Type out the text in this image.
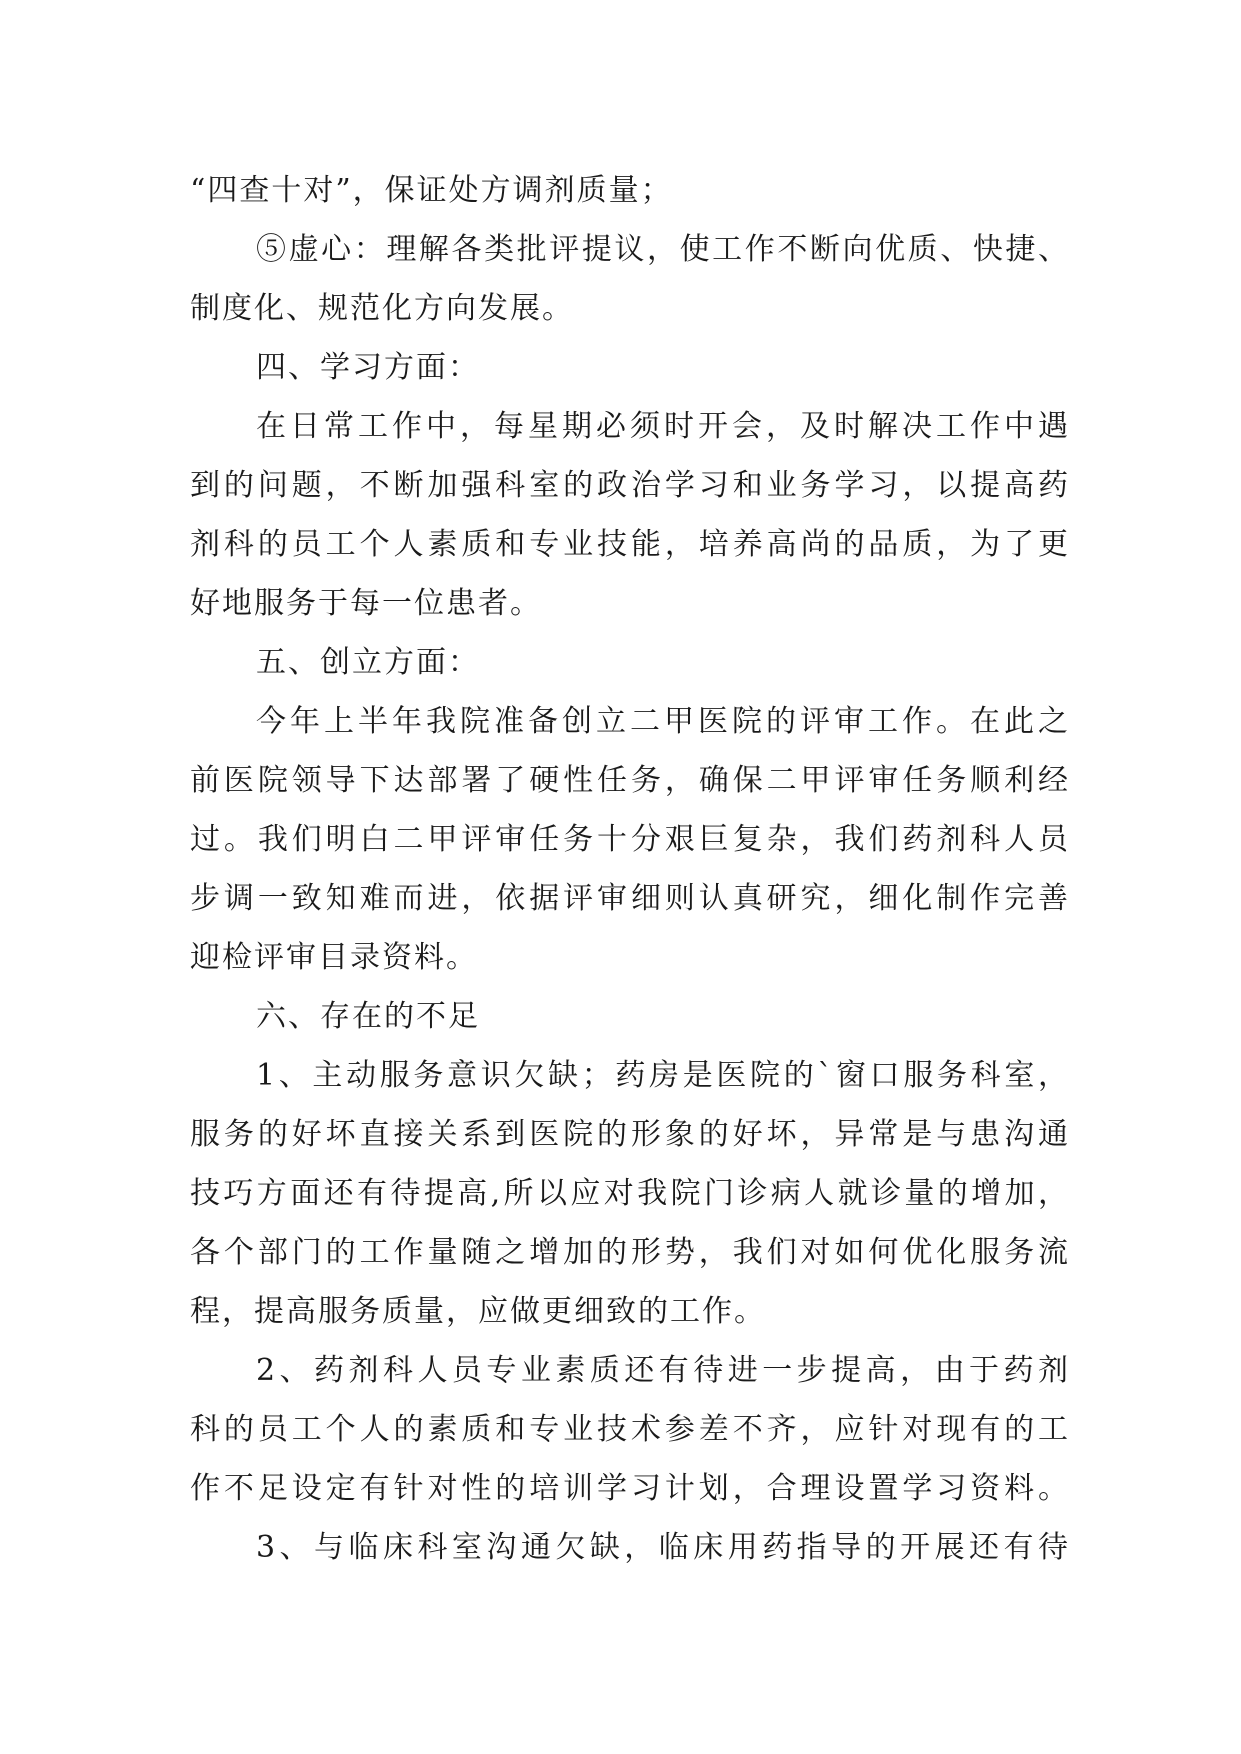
“四查十对”，保证处方调剂质量；
⑤虚心：理解各类批评提议，使工作不断向优质、快捷、
制度化、规范化方向发展。
四、学习方面：
在日常工作中，每星期必须时开会，及时解决工作中遇
到的问题，不断加强科室的政治学习和业务学习，以提高药
剂科的员工个人素质和专业技能，培养高尚的品质，为了更
好地服务于每一位患者。
五、创立方面：
今年上半年我院准备创立二甲医院的评审工作。在此之
前医院领导下达部署了硬性任务，确保二甲评审任务顺利经
过。我们明白二甲评审任务十分艰巨复杂，我们药剂科人员
步调一致知难而进，依据评审细则认真研究，细化制作完善
迎检评审目录资料。
六、存在的不足
1、主动服务意识欠缺；药房是医院的`窗口服务科室，
服务的好坏直接关系到医院的形象的好坏，异常是与患沟通
技巧方面还有待提高,所以应对我院门诊病人就诊量的增加，
各个部门的工作量随之增加的形势，我们对如何优化服务流
程，提高服务质量，应做更细致的工作。
2、药剂科人员专业素质还有待进一步提高，由于药剂
科的员工个人的素质和专业技术参差不齐，应针对现有的工
作不足设定有针对性的培训学习计划，合理设置学习资料。
3、与临床科室沟通欠缺，临床用药指导的开展还有待
